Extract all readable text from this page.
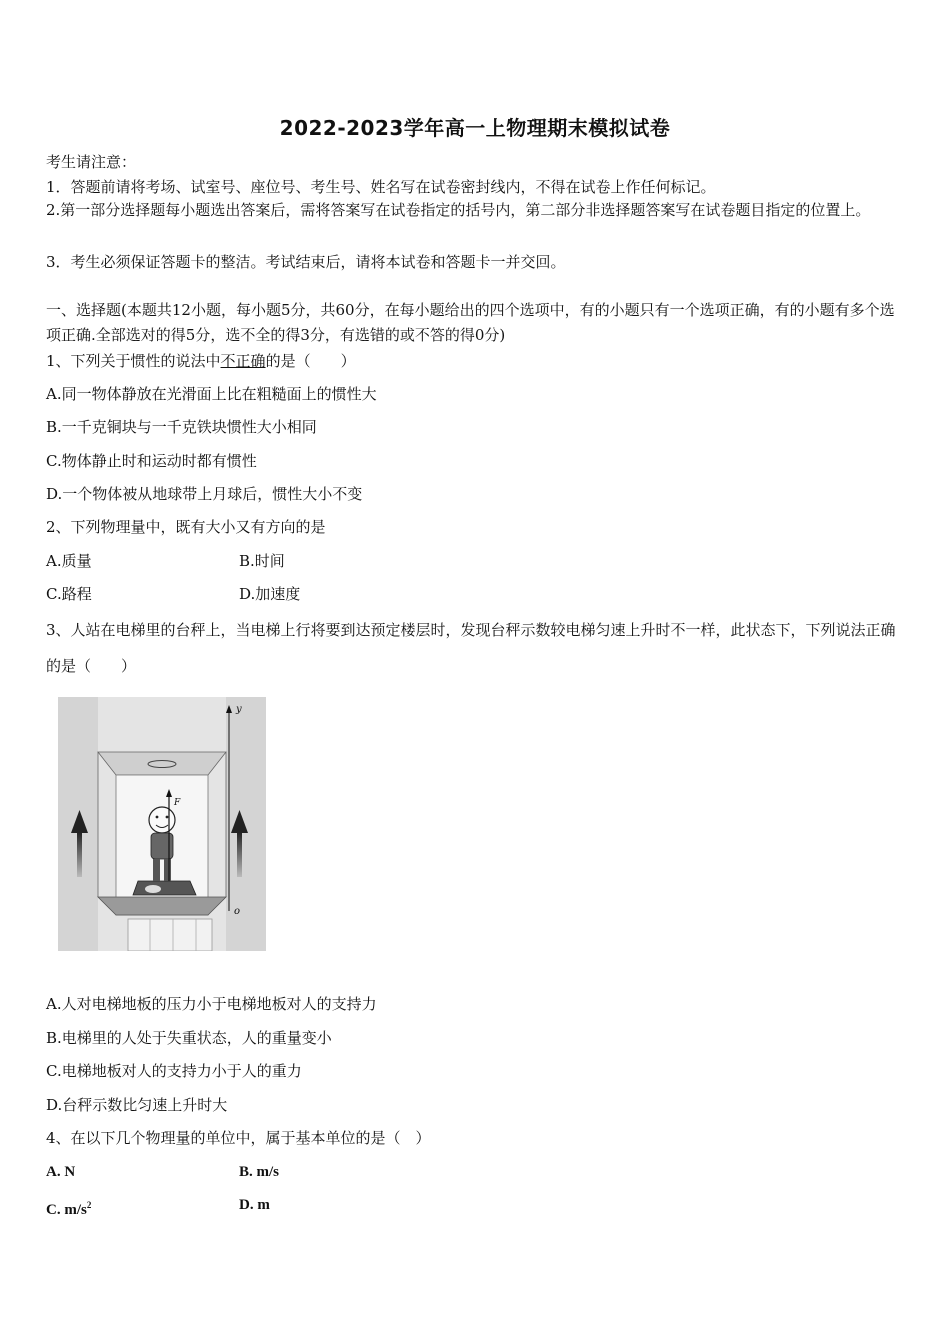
2022-2023学年高一上物理期末模拟试卷
考生请注意：
1．答题前请将考场、试室号、座位号、考生号、姓名写在试卷密封线内，不得在试卷上作任何标记。
2.第一部分选择题每小题选出答案后，需将答案写在试卷指定的括号内，第二部分非选择题答案写在试卷题目指定的位置上。
3．考生必须保证答题卡的整洁。考试结束后，请将本试卷和答题卡一并交回。
一、选择题(本题共12小题，每小题5分，共60分，在每小题给出的四个选项中，有的小题只有一个选项正确，有的小题有多个选项正确.全部选对的得5分，选不全的得3分，有选错的或不答的得0分)
1、下列关于惯性的说法中不正确的是（　　）
A.同一物体静放在光滑面上比在粗糙面上的惯性大
B.一千克铜块与一千克铁块惯性大小相同
C.物体静止时和运动时都有惯性
D.一个物体被从地球带上月球后，惯性大小不变
2、下列物理量中，既有大小又有方向的是
A.质量	B.时间
C.路程	D.加速度
3、人站在电梯里的台秤上，当电梯上行将要到达预定楼层时，发现台秤示数较电梯匀速上升时不一样，此状态下，下列说法正确的是（　　）
F
y
o
A.人对电梯地板的压力小于电梯地板对人的支持力
B.电梯里的人处于失重状态，人的重量变小
C.电梯地板对人的支持力小于人的重力
D.台秤示数比匀速上升时大
4、在以下几个物理量的单位中，属于基本单位的是（　）
A. N	B. m/s
C. $m/s^2$	D. m
